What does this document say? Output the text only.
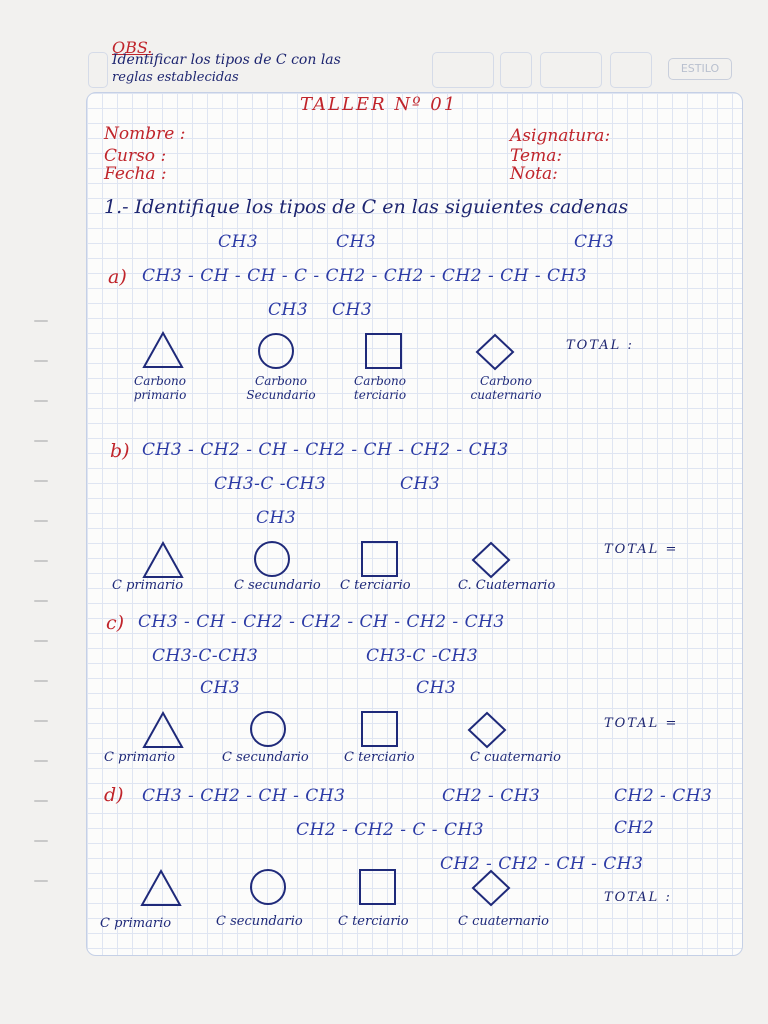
ESTILO
OBS.
Identificar los tipos de C con las
reglas establecidas
TALLER Nº 01
Nombre :
Curso :
Fecha :
Asignatura:
Tema:
Nota:
1.- Identifique los tipos de C en las siguientes cadenas
a)
CH3	CH3	CH3
CH3 - CH - CH - C - CH2 - CH2 - CH2 - CH - CH3
CH3 CH3
TOTAL :
Carbono primario
Carbono Secundario
Carbono terciario
Carbono cuaternario
b) CH3 - CH2 - CH - CH2 - CH - CH2 - CH3
CH3-C -CH3
CH3
CH3
TOTAL =
C primario	C secundario C terciario	C. Cuaternario
c) CH3 - CH - CH2 - CH2 - CH - CH2 - CH3
CH3-C-CH3
CH3
CH3-C -CH3
CH3
TOTAL =
C primario	C secundario	C terciario	C cuaternario
d) CH3 - CH2 - CH - CH3	CH2 - CH3	CH2 - CH3
CH2 - CH2 - C - CH3	CH2
CH2 - CH2 - CH - CH3
TOTAL :
C primario	C secundario	C terciario	C cuaternario
